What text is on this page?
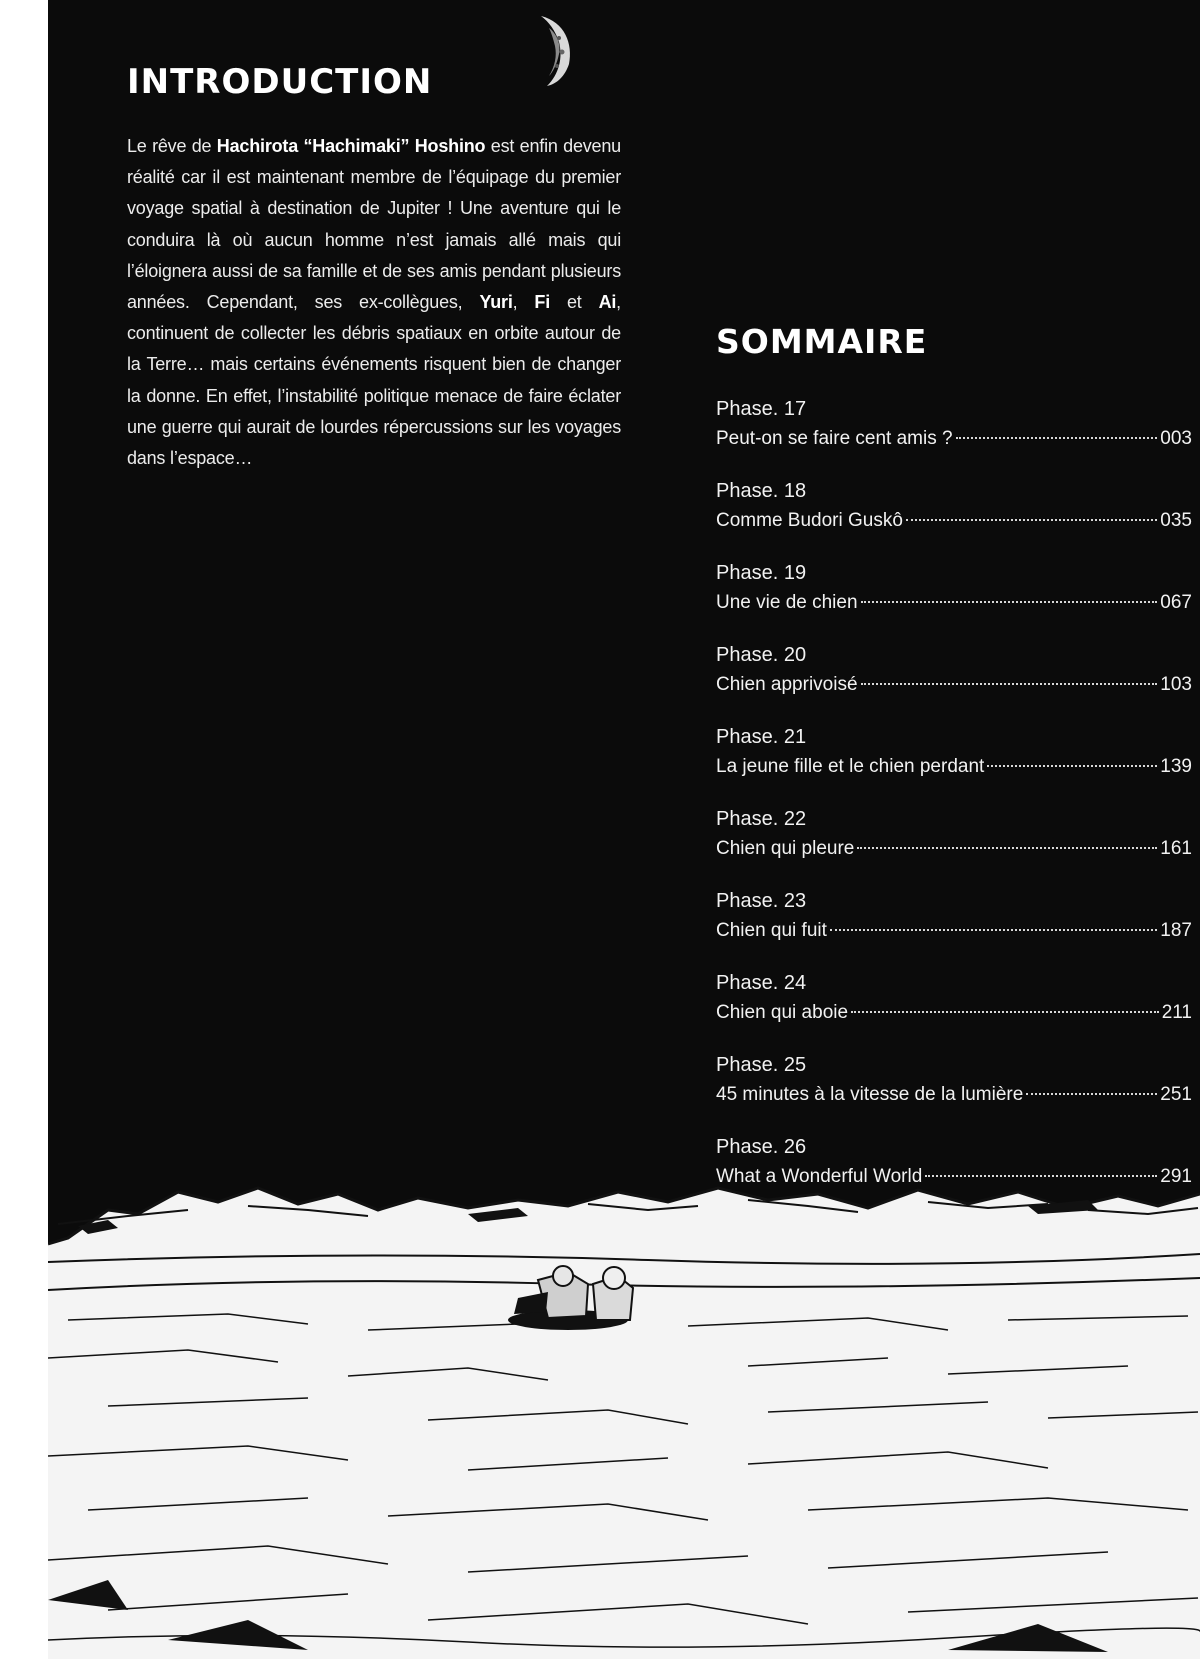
INTRODUCTION

Le rêve de Hachirota “Hachimaki” Hoshino est enfin devenu réalité car il est maintenant membre de l’équipage du premier voyage spatial à destination de Jupiter ! Une aventure qui le conduira là où aucun homme n’est jamais allé mais qui l’éloignera aussi de sa famille et de ses amis pendant plusieurs années. Cependant, ses ex-collègues, Yuri, Fi et Ai, continuent de collecter les débris spatiaux en orbite autour de la Terre… mais certains événements risquent bien de changer la donne. En effet, l’instabilité politique menace de faire éclater une guerre qui aurait de lourdes répercussions sur les voyages dans l’espace…

SOMMAIRE
Phase. 17
Peut-on se faire cent amis ?	003
Phase. 18
Comme Budori Guskô	035
Phase. 19
Une vie de chien	067
Phase. 20
Chien apprivoisé	103
Phase. 21
La jeune fille et le chien perdant	139
Phase. 22
Chien qui pleure	161
Phase. 23
Chien qui fuit	187
Phase. 24
Chien qui aboie	211
Phase. 25
45 minutes à la vitesse de la lumière	251
Phase. 26
What a Wonderful World	291
